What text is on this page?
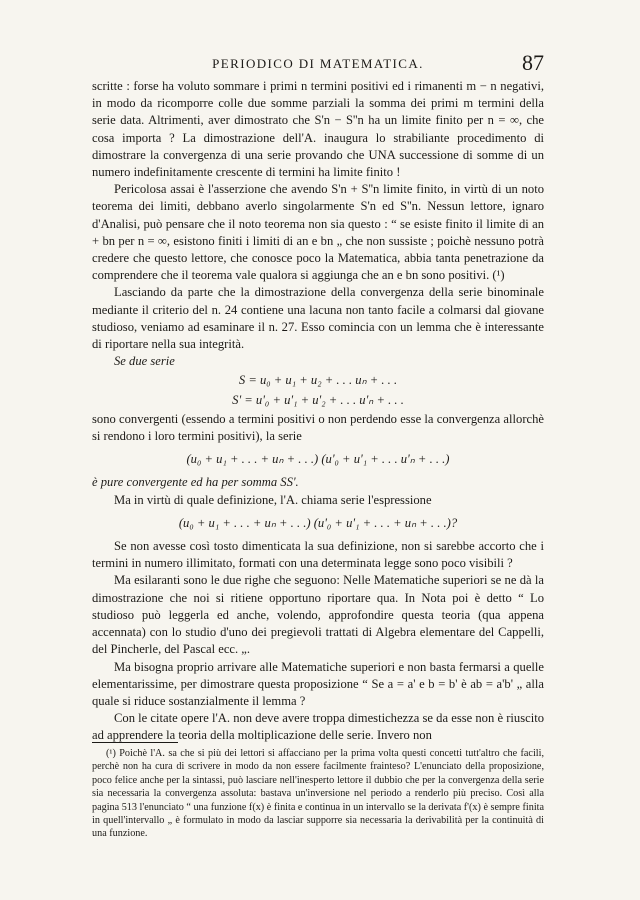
PERIODICO DI MATEMATICA.	87

scritte : forse ha voluto sommare i primi n termini positivi ed i rimanenti m − n negativi, in modo da ricomporre colle due somme parziali la somma dei primi m termini della serie data. Altrimenti, aver dimostrato che S'n − S''n ha un limite finito per n = ∞, che cosa importa ? La dimostrazione dell'A. inaugura lo strabiliante procedimento di dimostrare la convergenza di una serie provando che UNA successione di somme di un numero indefinitamente crescente di termini ha limite finito !

Pericolosa assai è l'asserzione che avendo S'n + S''n limite finito, in virtù di un noto teorema dei limiti, debbano averlo singolarmente S'n ed S''n. Nessun lettore, ignaro d'Analisi, può pensare che il noto teorema non sia questo : “ se esiste finito il limite di an + bn per n = ∞, esistono finiti i limiti di an e bn „ che non sussiste ; poichè nessuno potrà credere che questo lettore, che conosce poco la Matematica, abbia tanta penetrazione da comprendere che il teorema vale qualora si aggiunga che an e bn sono positivi. (¹)

Lasciando da parte che la dimostrazione della convergenza della serie binominale mediante il criterio del n. 24 contiene una lacuna non tanto facile a colmarsi dal giovane studioso, veniamo ad esaminare il n. 27. Esso comincia con un lemma che è interessante di riportare nella sua integrità.

Se due serie

S = u₀ + u₁ + u₂ + . . . uₙ + . . .
S' = u'₀ + u'₁ + u'₂ + . . . u'ₙ + . . .

sono convergenti (essendo a termini positivi o non perdendo esse la convergenza allorchè si rendono i loro termini positivi), la serie

(u₀ + u₁ + . . . + uₙ + . . .) (u'₀ + u'₁ + . . . u'ₙ + . . .)

è pure convergente ed ha per somma SS'.

Ma in virtù di quale definizione, l'A. chiama serie l'espressione

(u₀ + u₁ + . . . + uₙ + . . .) (u'₀ + u'₁ + . . . + uₙ + . . .)?

Se non avesse così tosto dimenticata la sua definizione, non si sarebbe accorto che i termini in numero illimitato, formati con una determinata legge sono poco visibili ?

Ma esilaranti sono le due righe che seguono: Nelle Matematiche superiori se ne dà la dimostrazione che noi si ritiene opportuno riportare qua. In Nota poi è detto “ Lo studioso può leggerla ed anche, volendo, approfondire questa teoria (qua appena accennata) con lo studio d'uno dei pregievoli trattati di Algebra elementare del Cappelli, del Pincherle, del Pascal ecc. „.

Ma bisogna proprio arrivare alle Matematiche superiori e non basta fermarsi a quelle elementarissime, per dimostrare questa proposizione “ Se a = a' e b = b' è ab = a'b' „ alla quale si riduce sostanzialmente il lemma ?

Con le citate opere l'A. non deve avere troppa dimestichezza se da esse non è riuscito ad apprendere la teoria della moltiplicazione delle serie. Invero non

(¹) Poichè l'A. sa che si più dei lettori si affacciano per la prima volta questi concetti tutt'altro che facili, perchè non ha cura di scrivere in modo da non essere facilmente frainteso? L'enunciato della proposizione, poco felice anche per la sintassi, può lasciare nell'inesperto lettore il dubbio che per la convergenza della serie sia necessaria la convergenza assoluta: bastava un'inversione nel periodo a renderlo più preciso. Così alla pagina 513 l'enunciato “ una funzione f(x) è finita e continua in un intervallo se la derivata f'(x) è sempre finita in quell'intervallo „ è formulato in modo da lasciar supporre sia necessaria la derivabilità per la continuità di una funzione.
